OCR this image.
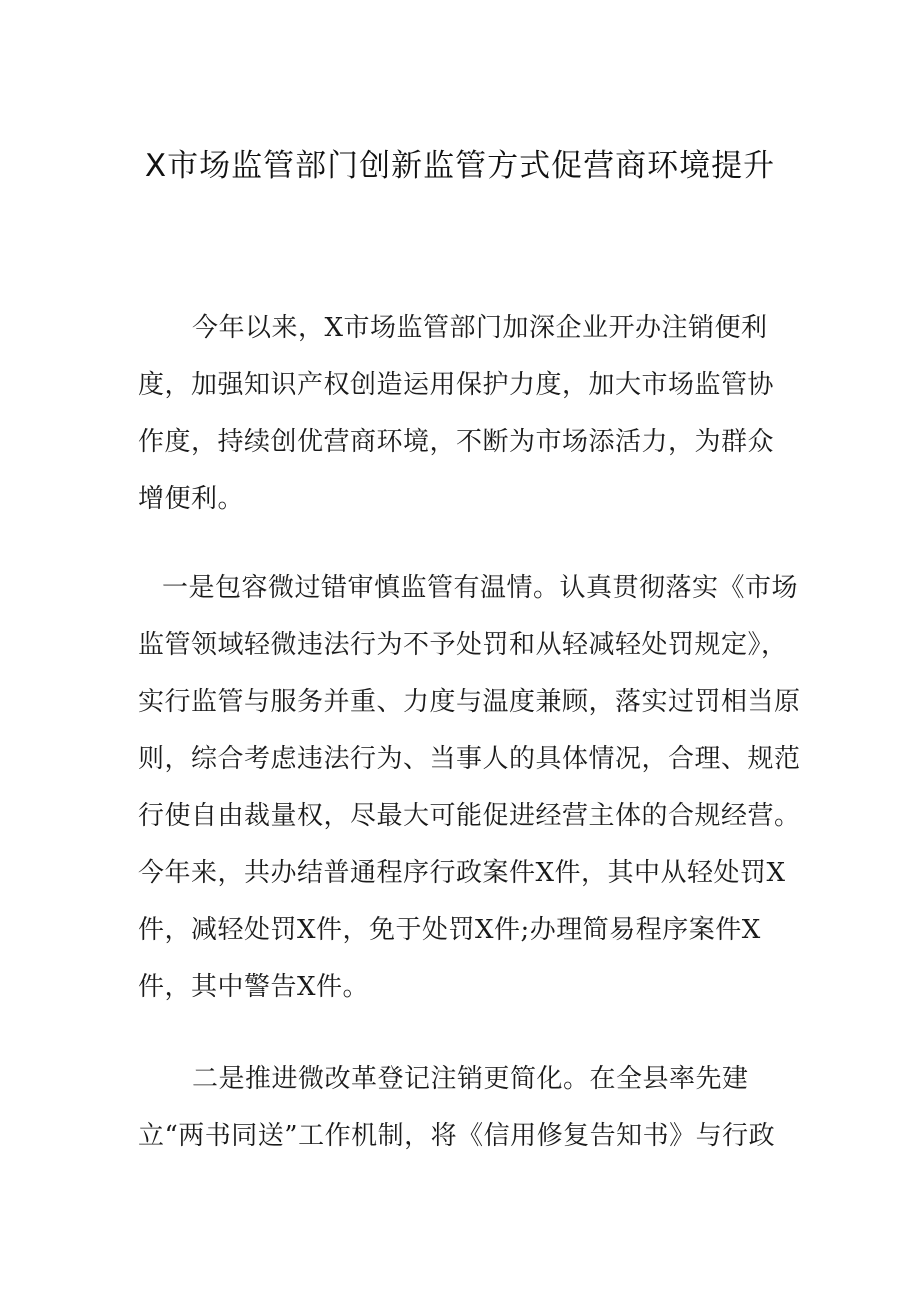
X市场监管部门创新监管方式促营商环境提升

今年以来，X市场监管部门加深企业开办注销便利

度，加强知识产权创造运用保护力度，加大市场监管协

作度，持续创优营商环境，不断为市场添活力，为群众

增便利。

一是包容微过错审慎监管有温情。认真贯彻落实《市场

监管领域轻微违法行为不予处罚和从轻减轻处罚规定》，

实行监管与服务并重、力度与温度兼顾，落实过罚相当原

则，综合考虑违法行为、当事人的具体情况，合理、规范

行使自由裁量权，尽最大可能促进经营主体的合规经营。

今年来，共办结普通程序行政案件X件，其中从轻处罚X

件，减轻处罚X件，免于处罚X件;办理简易程序案件X

件，其中警告X件。

二是推进微改革登记注销更简化。在全县率先建

立“两书同送”工作机制，将《信用修复告知书》与行政
